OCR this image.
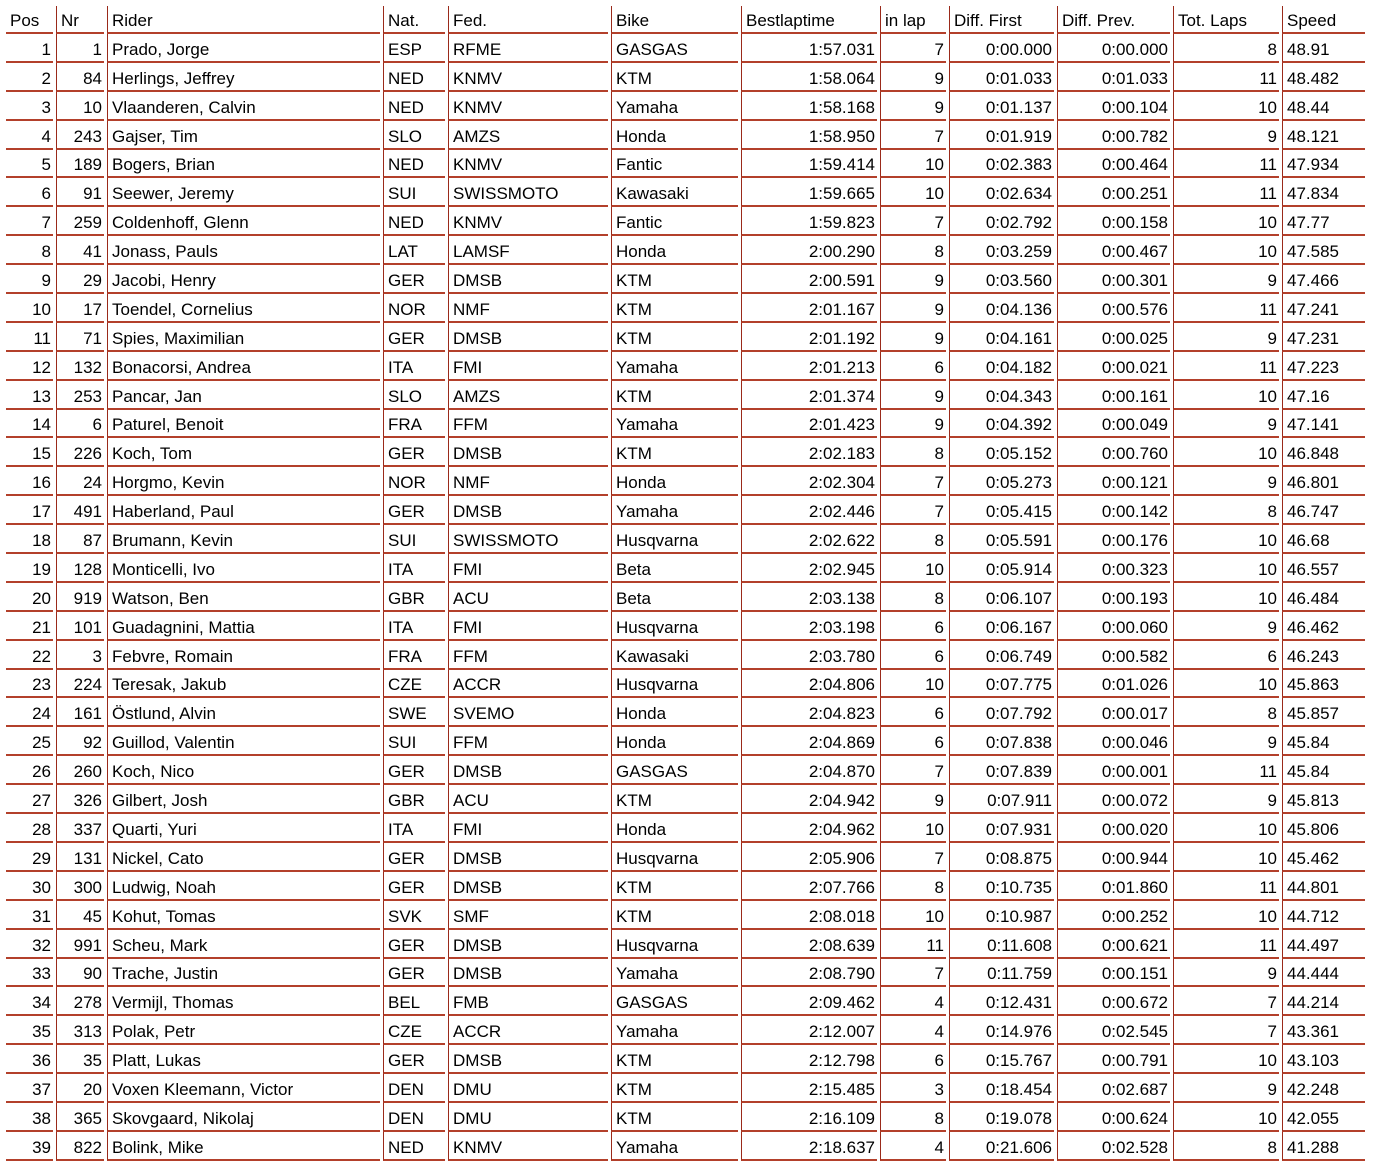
Pos	Nr	Rider	Nat.	Fed.	Bike	Bestlaptime	in lap	Diff. First	Diff. Prev.	Tot. Laps	Speed
1	1	Prado, Jorge	ESP	RFME	GASGAS	1:57.031	7	0:00.000	0:00.000	8	48.91
2	84	Herlings, Jeffrey	NED	KNMV	KTM	1:58.064	9	0:01.033	0:01.033	11	48.482
3	10	Vlaanderen, Calvin	NED	KNMV	Yamaha	1:58.168	9	0:01.137	0:00.104	10	48.44
4	243	Gajser, Tim	SLO	AMZS	Honda	1:58.950	7	0:01.919	0:00.782	9	48.121
5	189	Bogers, Brian	NED	KNMV	Fantic	1:59.414	10	0:02.383	0:00.464	11	47.934
6	91	Seewer, Jeremy	SUI	SWISSMOTO	Kawasaki	1:59.665	10	0:02.634	0:00.251	11	47.834
7	259	Coldenhoff, Glenn	NED	KNMV	Fantic	1:59.823	7	0:02.792	0:00.158	10	47.77
8	41	Jonass, Pauls	LAT	LAMSF	Honda	2:00.290	8	0:03.259	0:00.467	10	47.585
9	29	Jacobi, Henry	GER	DMSB	KTM	2:00.591	9	0:03.560	0:00.301	9	47.466
10	17	Toendel, Cornelius	NOR	NMF	KTM	2:01.167	9	0:04.136	0:00.576	11	47.241
11	71	Spies, Maximilian	GER	DMSB	KTM	2:01.192	9	0:04.161	0:00.025	9	47.231
12	132	Bonacorsi, Andrea	ITA	FMI	Yamaha	2:01.213	6	0:04.182	0:00.021	11	47.223
13	253	Pancar, Jan	SLO	AMZS	KTM	2:01.374	9	0:04.343	0:00.161	10	47.16
14	6	Paturel, Benoit	FRA	FFM	Yamaha	2:01.423	9	0:04.392	0:00.049	9	47.141
15	226	Koch, Tom	GER	DMSB	KTM	2:02.183	8	0:05.152	0:00.760	10	46.848
16	24	Horgmo, Kevin	NOR	NMF	Honda	2:02.304	7	0:05.273	0:00.121	9	46.801
17	491	Haberland, Paul	GER	DMSB	Yamaha	2:02.446	7	0:05.415	0:00.142	8	46.747
18	87	Brumann, Kevin	SUI	SWISSMOTO	Husqvarna	2:02.622	8	0:05.591	0:00.176	10	46.68
19	128	Monticelli, Ivo	ITA	FMI	Beta	2:02.945	10	0:05.914	0:00.323	10	46.557
20	919	Watson, Ben	GBR	ACU	Beta	2:03.138	8	0:06.107	0:00.193	10	46.484
21	101	Guadagnini, Mattia	ITA	FMI	Husqvarna	2:03.198	6	0:06.167	0:00.060	9	46.462
22	3	Febvre, Romain	FRA	FFM	Kawasaki	2:03.780	6	0:06.749	0:00.582	6	46.243
23	224	Teresak, Jakub	CZE	ACCR	Husqvarna	2:04.806	10	0:07.775	0:01.026	10	45.863
24	161	Östlund, Alvin	SWE	SVEMO	Honda	2:04.823	6	0:07.792	0:00.017	8	45.857
25	92	Guillod, Valentin	SUI	FFM	Honda	2:04.869	6	0:07.838	0:00.046	9	45.84
26	260	Koch, Nico	GER	DMSB	GASGAS	2:04.870	7	0:07.839	0:00.001	11	45.84
27	326	Gilbert, Josh	GBR	ACU	KTM	2:04.942	9	0:07.911	0:00.072	9	45.813
28	337	Quarti, Yuri	ITA	FMI	Honda	2:04.962	10	0:07.931	0:00.020	10	45.806
29	131	Nickel, Cato	GER	DMSB	Husqvarna	2:05.906	7	0:08.875	0:00.944	10	45.462
30	300	Ludwig, Noah	GER	DMSB	KTM	2:07.766	8	0:10.735	0:01.860	11	44.801
31	45	Kohut, Tomas	SVK	SMF	KTM	2:08.018	10	0:10.987	0:00.252	10	44.712
32	991	Scheu, Mark	GER	DMSB	Husqvarna	2:08.639	11	0:11.608	0:00.621	11	44.497
33	90	Trache, Justin	GER	DMSB	Yamaha	2:08.790	7	0:11.759	0:00.151	9	44.444
34	278	Vermijl, Thomas	BEL	FMB	GASGAS	2:09.462	4	0:12.431	0:00.672	7	44.214
35	313	Polak, Petr	CZE	ACCR	Yamaha	2:12.007	4	0:14.976	0:02.545	7	43.361
36	35	Platt, Lukas	GER	DMSB	KTM	2:12.798	6	0:15.767	0:00.791	10	43.103
37	20	Voxen Kleemann, Victor	DEN	DMU	KTM	2:15.485	3	0:18.454	0:02.687	9	42.248
38	365	Skovgaard, Nikolaj	DEN	DMU	KTM	2:16.109	8	0:19.078	0:00.624	10	42.055
39	822	Bolink, Mike	NED	KNMV	Yamaha	2:18.637	4	0:21.606	0:02.528	8	41.288
